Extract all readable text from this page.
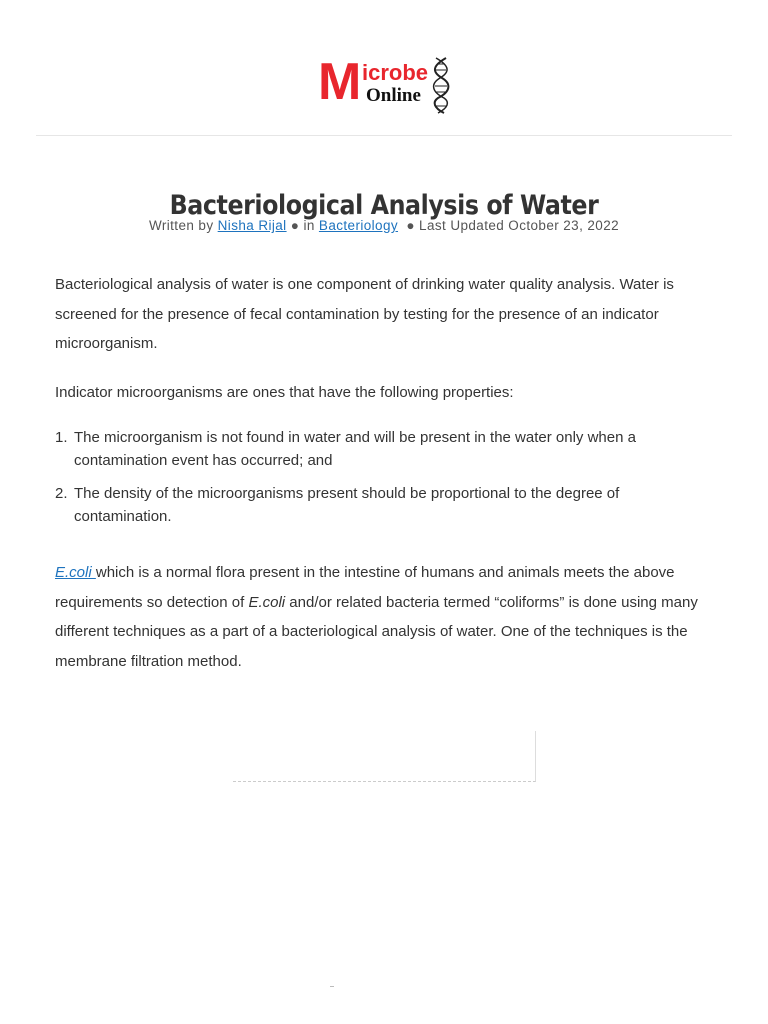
M icrobe
Online
Bacteriological Analysis of Water
Written by Nisha Rijal ● in Bacteriology ● Last Updated October 23, 2022

Bacteriological analysis of water is one component of drinking water quality analysis. Water is screened for the presence of fecal contamination by testing for the presence of an indicator microorganism.

Indicator microorganisms are ones that have the following properties:

1. The microorganism is not found in water and will be present in the water only when a contamination event has occurred; and
2. The density of the microorganisms present should be proportional to the degree of contamination.

E.coli which is a normal flora present in the intestine of humans and animals meets the above requirements so detection of E.coli and/or related bacteria termed “coliforms” is done using many different techniques as a part of a bacteriological analysis of water. One of the techniques is the membrane filtration method.
